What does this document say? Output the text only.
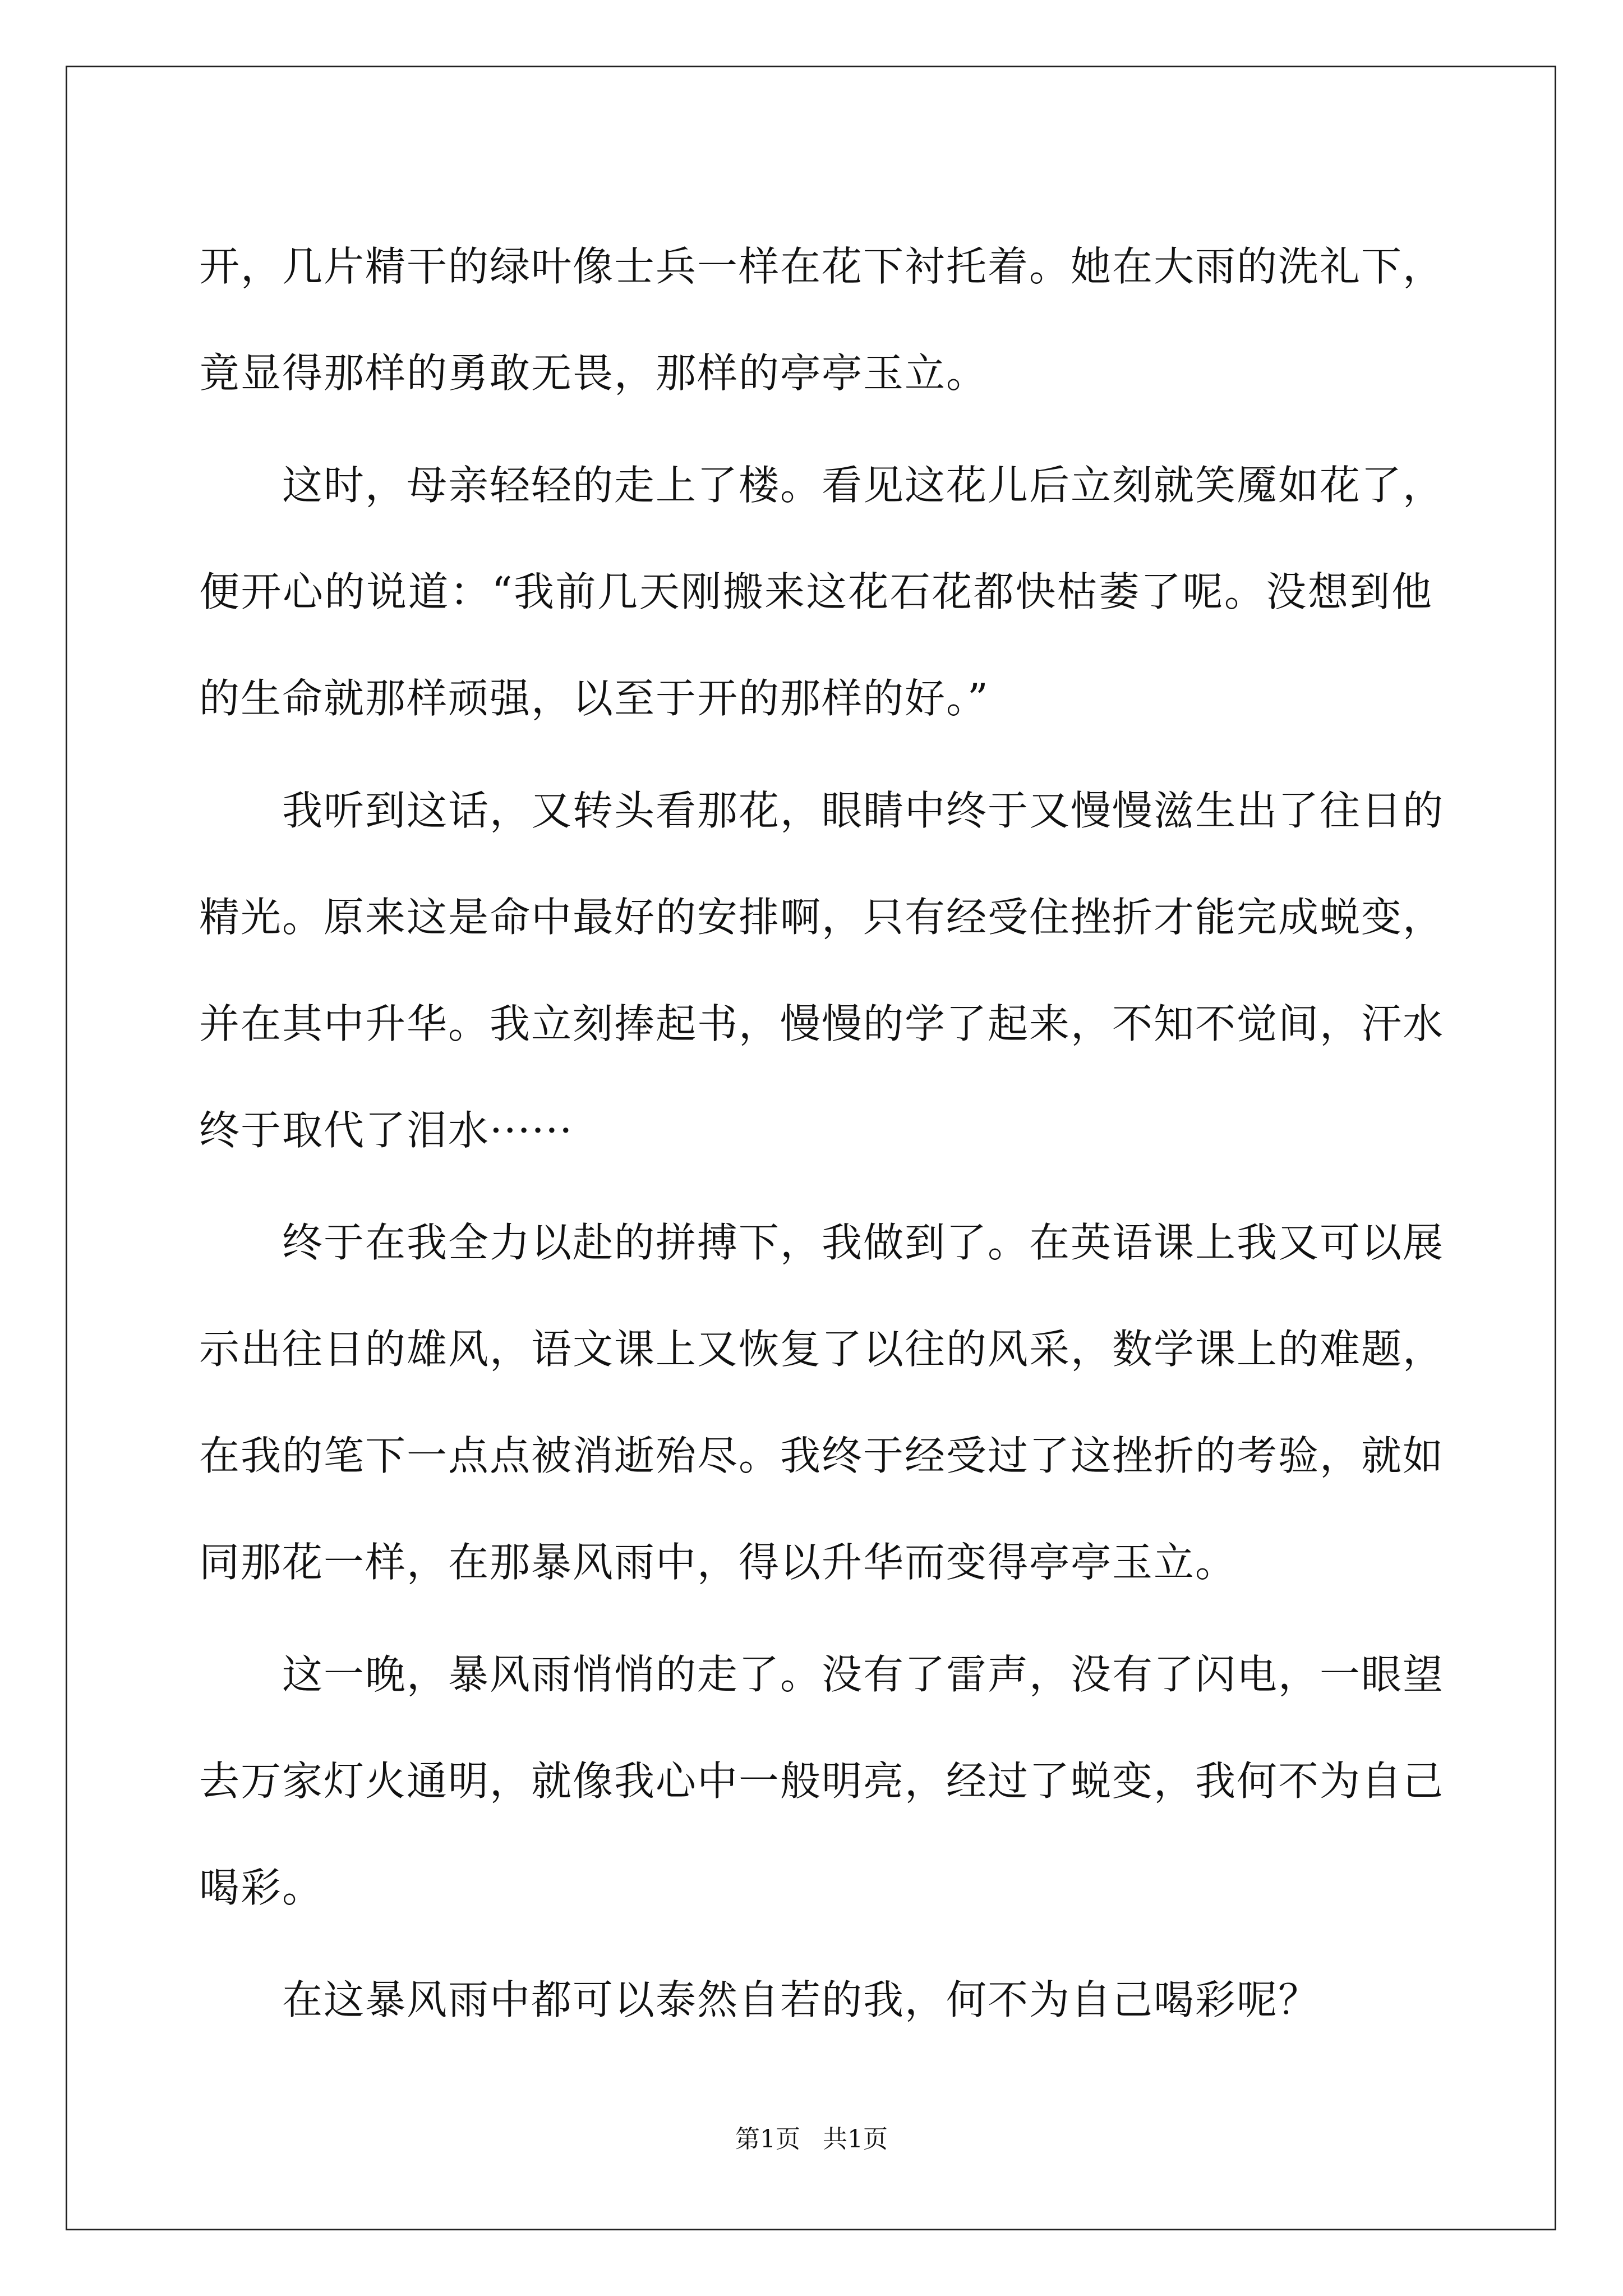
开，几片精干的绿叶像士兵一样在花下衬托着。她在大雨的洗礼下，
竟显得那样的勇敢无畏，那样的亭亭玉立。
这时，母亲轻轻的走上了楼。看见这花儿后立刻就笑魇如花了，
便开心的说道：“我前几天刚搬来这花石花都快枯萎了呢。没想到他
的生命就那样顽强，以至于开的那样的好。”
我听到这话，又转头看那花，眼睛中终于又慢慢滋生出了往日的
精光。原来这是命中最好的安排啊，只有经受住挫折才能完成蜕变，
并在其中升华。我立刻捧起书，慢慢的学了起来，不知不觉间，汗水
终于取代了泪水······
终于在我全力以赴的拼搏下，我做到了。在英语课上我又可以展
示出往日的雄风，语文课上又恢复了以往的风采，数学课上的难题，
在我的笔下一点点被消逝殆尽。我终于经受过了这挫折的考验，就如
同那花一样，在那暴风雨中，得以升华而变得亭亭玉立。
这一晚，暴风雨悄悄的走了。没有了雷声，没有了闪电，一眼望
去万家灯火通明，就像我心中一般明亮，经过了蜕变，我何不为自己
喝彩。
在这暴风雨中都可以泰然自若的我，何不为自己喝彩呢？
第1页 共1页
